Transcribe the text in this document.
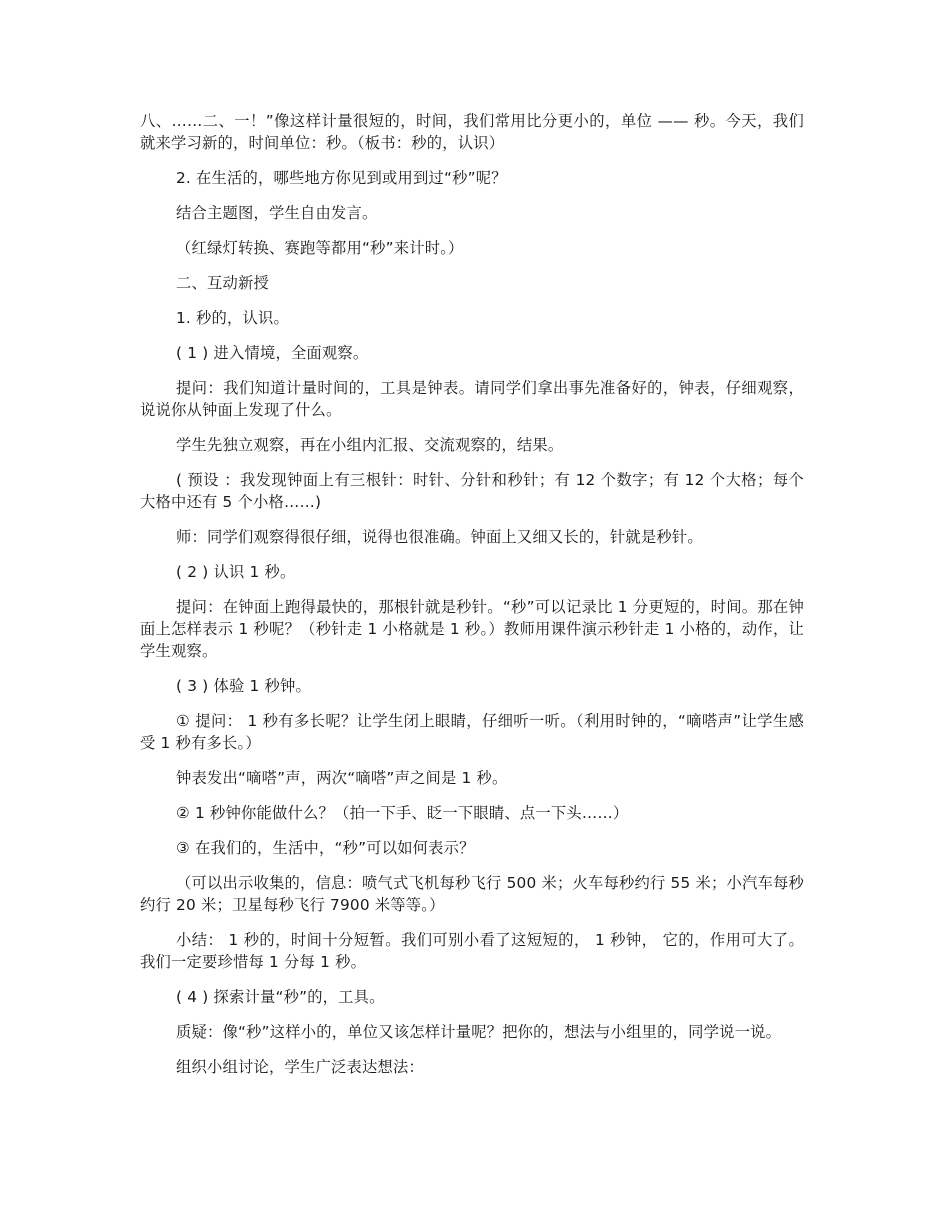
八、……二、一！”像这样计量很短的，时间，我们常用比分更小的，单位 —— 秒。今天，我们就来学习新的，时间单位：秒。（板书：秒的，认识）

2. 在生活的，哪些地方你见到或用到过“秒”呢？

结合主题图，学生自由发言。

（红绿灯转换、赛跑等都用“秒”来计时。）

二、互动新授

1. 秒的，认识。

( 1 ) 进入情境，全面观察。

提问：我们知道计量时间的，工具是钟表。请同学们拿出事先准备好的，钟表，仔细观察，说说你从钟面上发现了什么。

学生先独立观察，再在小组内汇报、交流观察的，结果。

( 预设 ：我发现钟面上有三根针：时针、分针和秒针；有 12 个数字；有 12 个大格；每个大格中还有 5 个小格……)

师：同学们观察得很仔细，说得也很准确。钟面上又细又长的，针就是秒针。

( 2 ) 认识 1 秒。

提问：在钟面上跑得最快的，那根针就是秒针。“秒”可以记录比 1 分更短的，时间。那在钟面上怎样表示 1 秒呢？（秒针走 1 小格就是 1 秒。）教师用课件演示秒针走 1 小格的，动作，让学生观察。

( 3 ) 体验 1 秒钟。

① 提问： 1 秒有多长呢？让学生闭上眼睛，仔细听一听。（利用时钟的，“嘀嗒声”让学生感受 1 秒有多长。）

钟表发出“嘀嗒”声，两次“嘀嗒”声之间是 1 秒。

② 1 秒钟你能做什么？（拍一下手、眨一下眼睛、点一下头……）

③ 在我们的，生活中，“秒”可以如何表示？

（可以出示收集的，信息：喷气式飞机每秒飞行 500 米；火车每秒约行 55 米；小汽车每秒约行 20 米；卫星每秒飞行 7900 米等等。）

小结： 1 秒的，时间十分短暂。我们可别小看了这短短的， 1 秒钟， 它的，作用可大了。我们一定要珍惜每 1 分每 1 秒。

( 4 ) 探索计量“秒”的，工具。

质疑：像“秒”这样小的，单位又该怎样计量呢？把你的，想法与小组里的，同学说一说。

组织小组讨论，学生广泛表达想法：
